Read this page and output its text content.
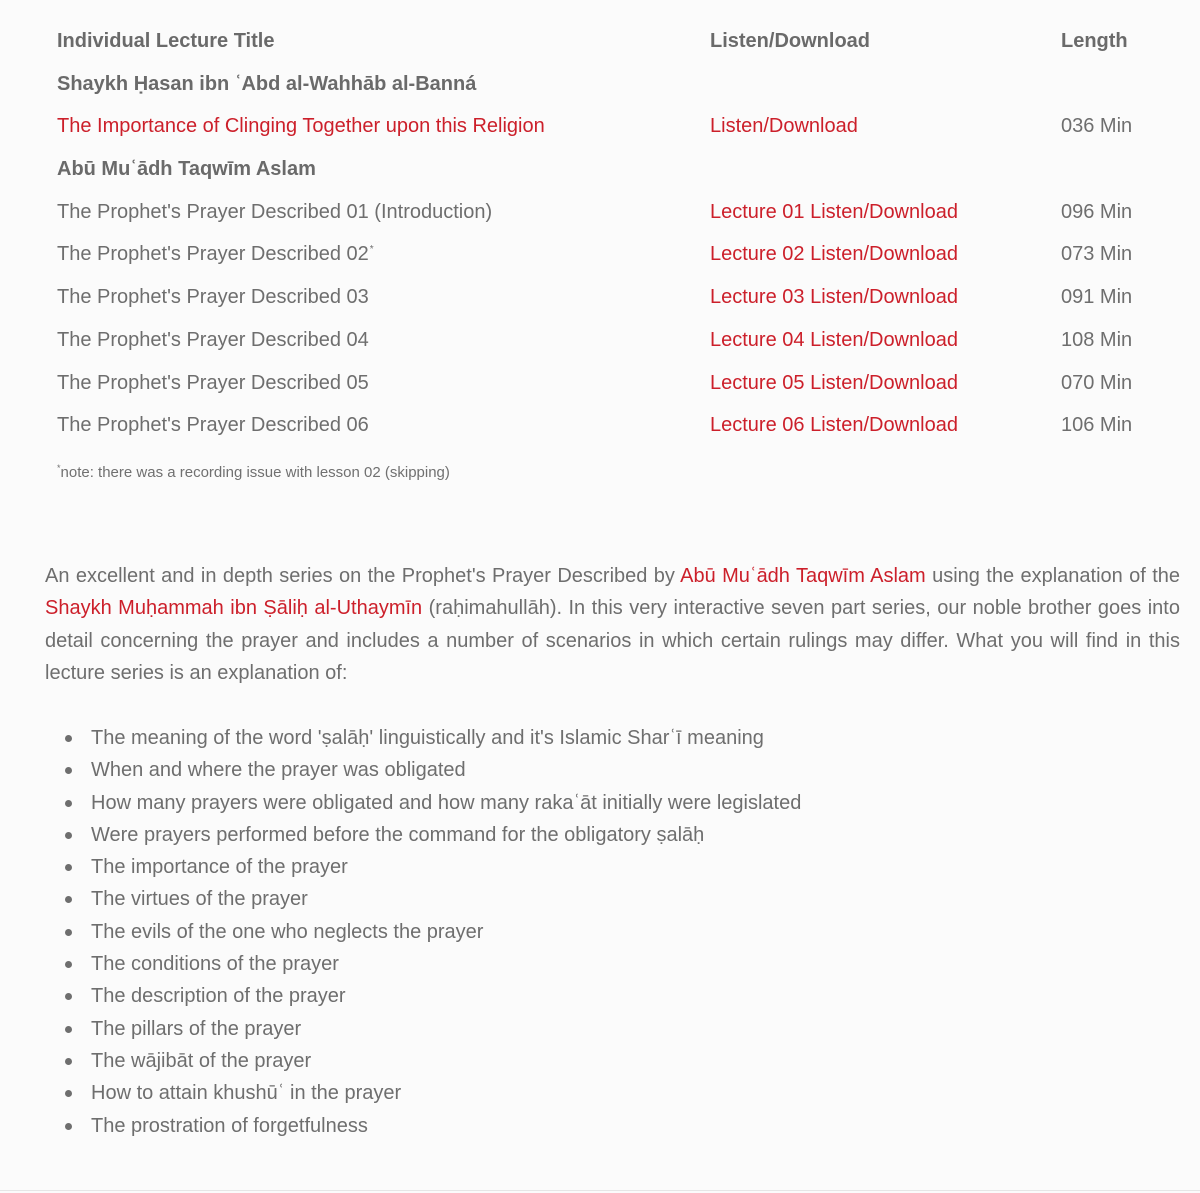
Individual Lecture Title	Listen/Download	Length
Shaykh Ḥasan ibn ʿAbd al-Wahhāb al-Banná
The Importance of Clinging Together upon this Religion	Listen/Download	036 Min
Abū Muʿādh Taqwīm Aslam
The Prophet's Prayer Described 01 (Introduction)	Lecture 01 Listen/Download	096 Min
The Prophet's Prayer Described 02*	Lecture 02 Listen/Download	073 Min
The Prophet's Prayer Described 03	Lecture 03 Listen/Download	091 Min
The Prophet's Prayer Described 04	Lecture 04 Listen/Download	108 Min
The Prophet's Prayer Described 05	Lecture 05 Listen/Download	070 Min
The Prophet's Prayer Described 06	Lecture 06 Listen/Download	106 Min
*note: there was a recording issue with lesson 02 (skipping)

An excellent and in depth series on the Prophet's Prayer Described by Abū Muʿādh Taqwīm Aslam using the explanation of the Shaykh Muḥammah ibn Ṣāliḥ al-Uthaymīn (raḥimahullāh). In this very interactive seven part series, our noble brother goes into detail concerning the prayer and includes a number of scenarios in which certain rulings may differ. What you will find in this lecture series is an explanation of:

The meaning of the word 'ṣalāḥ' linguistically and it's Islamic Sharʿī meaning
When and where the prayer was obligated
How many prayers were obligated and how many rakaʿāt initially were legislated
Were prayers performed before the command for the obligatory ṣalāḥ
The importance of the prayer
The virtues of the prayer
The evils of the one who neglects the prayer
The conditions of the prayer
The description of the prayer
The pillars of the prayer
The wājibāt of the prayer
How to attain khushūʿ in the prayer
The prostration of forgetfulness
